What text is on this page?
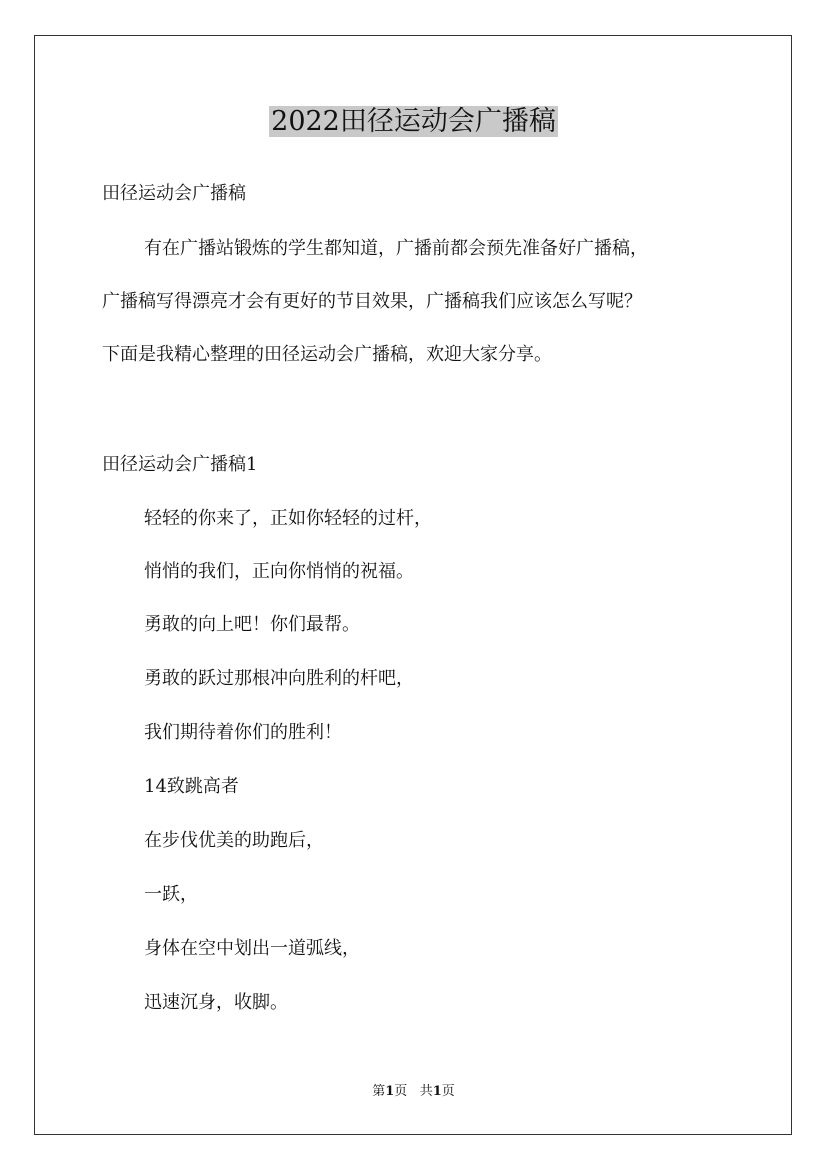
2022田径运动会广播稿
田径运动会广播稿
有在广播站锻炼的学生都知道，广播前都会预先准备好广播稿，
广播稿写得漂亮才会有更好的节目效果，广播稿我们应该怎么写呢？
下面是我精心整理的田径运动会广播稿，欢迎大家分享。
田径运动会广播稿1
轻轻的你来了，正如你轻轻的过杆，
悄悄的我们，正向你悄悄的祝福。
勇敢的向上吧！你们最帮。
勇敢的跃过那根冲向胜利的杆吧，
我们期待着你们的胜利！
14致跳高者
在步伐优美的助跑后，
一跃，
身体在空中划出一道弧线，
迅速沉身，收脚。
第1页 共1页
